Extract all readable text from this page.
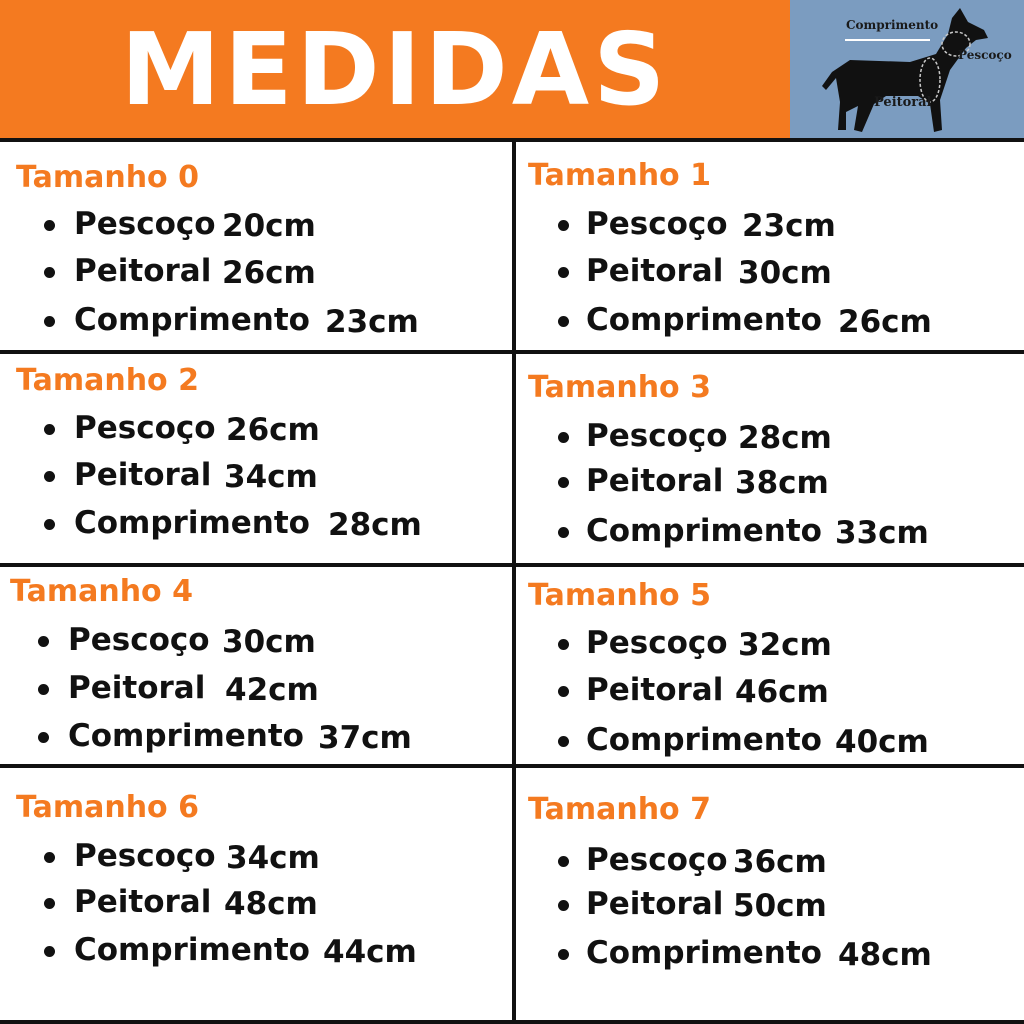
MEDIDAS	Comprimento
Pescoço
Peitoral
Tamanho 0
Pescoço 20cm
Peitoral 26cm
Comprimento 23cm
Tamanho 1
Pescoço 23cm
Peitoral 30cm
Comprimento 26cm
Tamanho 2
Pescoço 26cm
Peitoral 34cm
Comprimento 28cm
Tamanho 3
Pescoço 28cm
Peitoral 38cm
Comprimento 33cm
Tamanho 4
Pescoço 30cm
Peitoral 42cm
Comprimento 37cm
Tamanho 5
Pescoço 32cm
Peitoral 46cm
Comprimento 40cm
Tamanho 6
Pescoço 34cm
Peitoral 48cm
Comprimento 44cm
Tamanho 7
Pescoço 36cm
Peitoral 50cm
Comprimento 48cm
